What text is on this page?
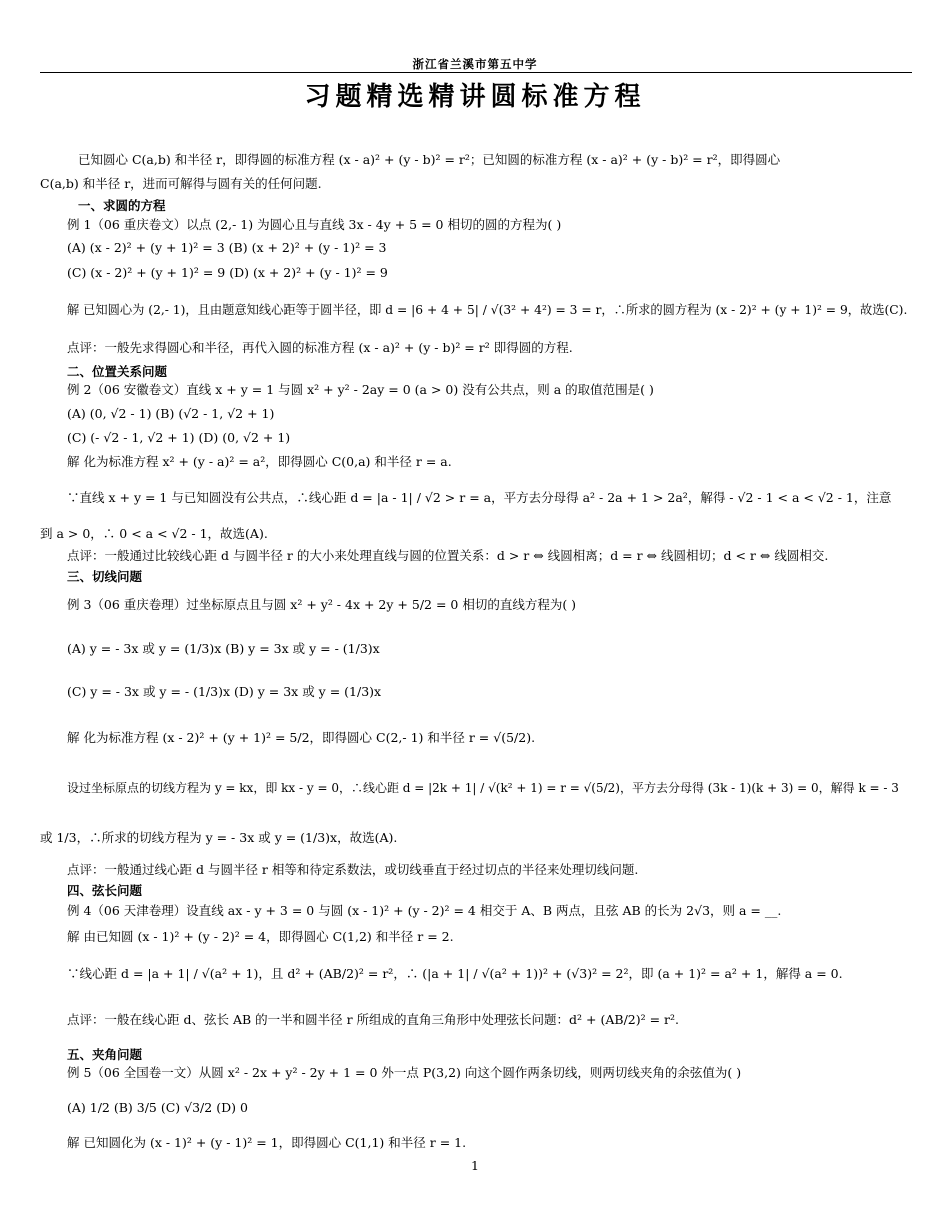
浙江省兰溪市第五中学
习题精选精讲圆标准方程
已知圆心 C(a,b) 和半径 r，即得圆的标准方程 (x - a)² + (y - b)² = r²；已知圆的标准方程 (x - a)² + (y - b)² = r²，即得圆心
C(a,b) 和半径 r，进而可解得与圆有关的任何问题.
一、求圆的方程
例 1（06 重庆卷文）以点 (2,- 1) 为圆心且与直线 3x - 4y + 5 = 0 相切的圆的方程为( )
(A) (x - 2)² + (y + 1)² = 3 (B) (x + 2)² + (y - 1)² = 3
(C) (x - 2)² + (y + 1)² = 9 (D) (x + 2)² + (y - 1)² = 9
解 已知圆心为 (2,- 1)，且由题意知线心距等于圆半径，即 d = |6 + 4 + 5| / √(3² + 4²) = 3 = r，∴所求的圆方程为 (x - 2)² + (y + 1)² = 9，故选(C).
点评：一般先求得圆心和半径，再代入圆的标准方程 (x - a)² + (y - b)² = r² 即得圆的方程.
二、位置关系问题
例 2（06 安徽卷文）直线 x + y = 1 与圆 x² + y² - 2ay = 0 (a > 0) 没有公共点，则 a 的取值范围是( )
(A) (0, √2 - 1) (B) (√2 - 1, √2 + 1)
(C) (- √2 - 1, √2 + 1) (D) (0, √2 + 1)
解 化为标准方程 x² + (y - a)² = a²，即得圆心 C(0,a) 和半径 r = a.
∵直线 x + y = 1 与已知圆没有公共点，∴线心距 d = |a - 1| / √2 > r = a，平方去分母得 a² - 2a + 1 > 2a²，解得 - √2 - 1 < a < √2 - 1，注意
到 a > 0，∴ 0 < a < √2 - 1，故选(A).
点评：一般通过比较线心距 d 与圆半径 r 的大小来处理直线与圆的位置关系：d > r ⇔ 线圆相离；d = r ⇔ 线圆相切；d < r ⇔ 线圆相交.
三、切线问题
例 3（06 重庆卷理）过坐标原点且与圆 x² + y² - 4x + 2y + 5/2 = 0 相切的直线方程为( )
(A) y = - 3x 或 y = (1/3)x (B) y = 3x 或 y = - (1/3)x
(C) y = - 3x 或 y = - (1/3)x (D) y = 3x 或 y = (1/3)x
解 化为标准方程 (x - 2)² + (y + 1)² = 5/2，即得圆心 C(2,- 1) 和半径 r = √(5/2).
设过坐标原点的切线方程为 y = kx，即 kx - y = 0，∴线心距 d = |2k + 1| / √(k² + 1) = r = √(5/2)，平方去分母得 (3k - 1)(k + 3) = 0，解得 k = - 3
或 1/3，∴所求的切线方程为 y = - 3x 或 y = (1/3)x，故选(A).
点评：一般通过线心距 d 与圆半径 r 相等和待定系数法，或切线垂直于经过切点的半径来处理切线问题.
四、弦长问题
例 4（06 天津卷理）设直线 ax - y + 3 = 0 与圆 (x - 1)² + (y - 2)² = 4 相交于 A、B 两点，且弦 AB 的长为 2√3，则 a = __.
解 由已知圆 (x - 1)² + (y - 2)² = 4，即得圆心 C(1,2) 和半径 r = 2.
∵线心距 d = |a + 1| / √(a² + 1)，且 d² + (AB/2)² = r²，∴ (|a + 1| / √(a² + 1))² + (√3)² = 2²，即 (a + 1)² = a² + 1，解得 a = 0.
点评：一般在线心距 d、弦长 AB 的一半和圆半径 r 所组成的直角三角形中处理弦长问题：d² + (AB/2)² = r².
五、夹角问题
例 5（06 全国卷一文）从圆 x² - 2x + y² - 2y + 1 = 0 外一点 P(3,2) 向这个圆作两条切线，则两切线夹角的余弦值为( )
(A) 1/2 (B) 3/5 (C) √3/2 (D) 0
解 已知圆化为 (x - 1)² + (y - 1)² = 1，即得圆心 C(1,1) 和半径 r = 1.
1
